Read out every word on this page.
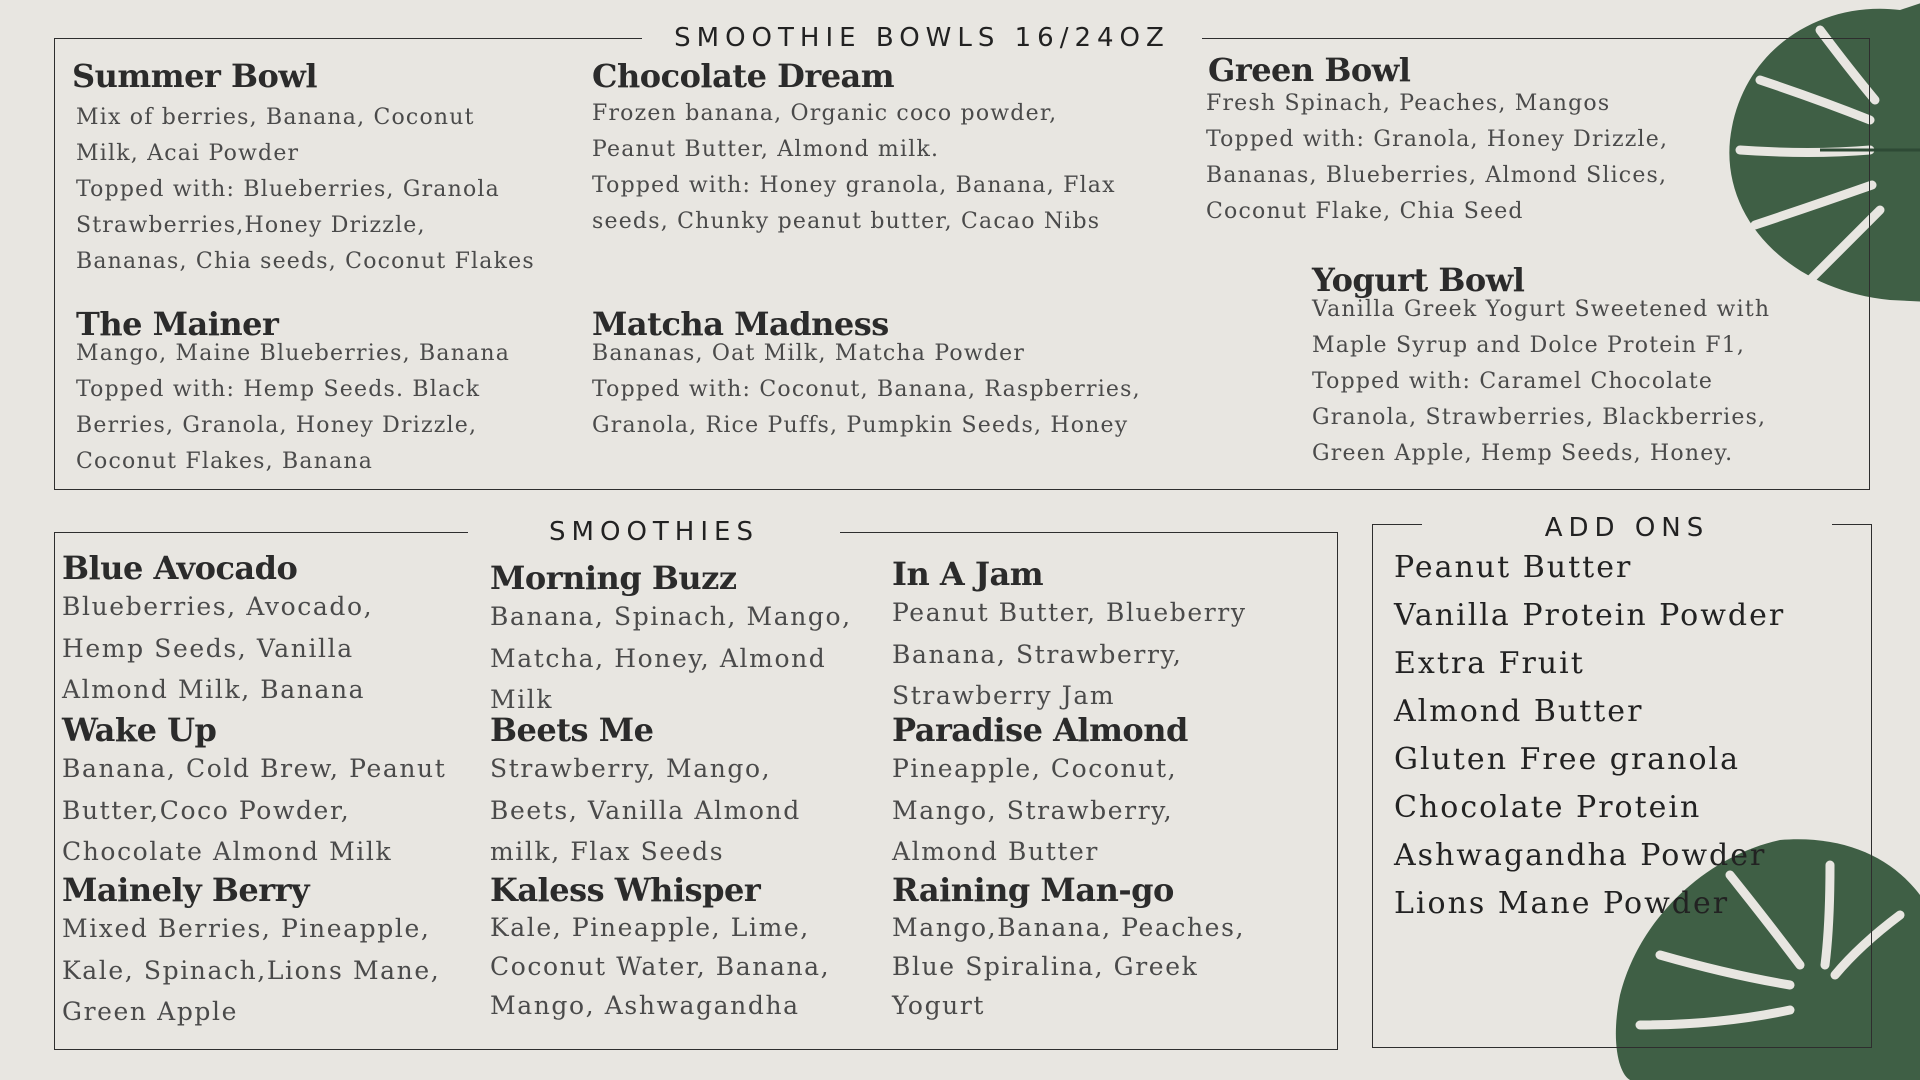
SMOOTHIE BOWLS 16/24OZ
Summer Bowl
Mix of berries, Banana, Coconut
Milk, Acai Powder
Topped with: Blueberries, Granola
Strawberries,Honey Drizzle,
Bananas, Chia seeds, Coconut Flakes
Chocolate Dream
Frozen banana, Organic coco powder,
Peanut Butter, Almond milk.
Topped with: Honey granola, Banana, Flax
seeds, Chunky peanut butter, Cacao Nibs
Green Bowl
Fresh Spinach, Peaches, Mangos
Topped with: Granola, Honey Drizzle,
Bananas, Blueberries, Almond Slices,
Coconut Flake, Chia Seed
The Mainer
Mango, Maine Blueberries, Banana
Topped with: Hemp Seeds. Black
Berries, Granola, Honey Drizzle,
Coconut Flakes, Banana
Matcha Madness
Bananas, Oat Milk, Matcha Powder
Topped with: Coconut, Banana, Raspberries,
Granola, Rice Puffs, Pumpkin Seeds, Honey
Yogurt Bowl
Vanilla Greek Yogurt Sweetened with
Maple Syrup and Dolce Protein F1,
Topped with: Caramel Chocolate
Granola, Strawberries, Blackberries,
Green Apple, Hemp Seeds, Honey.
SMOOTHIES
Blue Avocado
Blueberries, Avocado,
Hemp Seeds, Vanilla
Almond Milk, Banana
Morning Buzz
Banana, Spinach, Mango,
Matcha, Honey, Almond
Milk
In A Jam
Peanut Butter, Blueberry
Banana, Strawberry,
Strawberry Jam
Wake Up
Banana, Cold Brew, Peanut
Butter,Coco Powder,
Chocolate Almond Milk
Beets Me
Strawberry, Mango,
Beets, Vanilla Almond
milk, Flax Seeds
Paradise Almond
Pineapple, Coconut,
Mango, Strawberry,
Almond Butter
Mainely Berry
Mixed Berries, Pineapple,
Kale, Spinach,Lions Mane,
Green Apple
Kaless Whisper
Kale, Pineapple, Lime,
Coconut Water, Banana,
Mango, Ashwagandha
Raining Man-go
Mango,Banana, Peaches,
Blue Spiralina, Greek
Yogurt
ADD ONS
Peanut Butter
Vanilla Protein Powder
Extra Fruit
Almond Butter
Gluten Free granola
Chocolate Protein
Ashwagandha Powder
Lions Mane Powder
